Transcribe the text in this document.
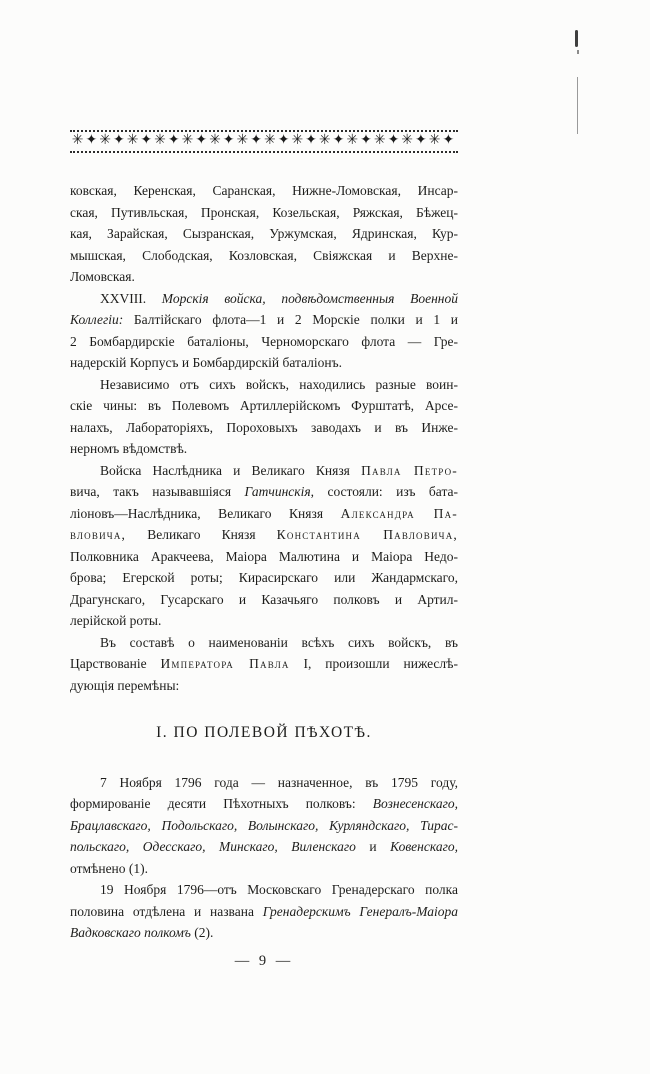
✳✦✳✦✳✦✳✦✳✦✳✦✳✦✳✦✳✦✳✦✳✦✳✦✳✦✳✦
ковская, Керенская, Саранская, Нижне-Ломовская, Инсар-
ская, Путивльская, Пронская, Козельская, Ряжская, Бѣжец-
кая, Зарайская, Сызранская, Уржумская, Ядринская, Кур-
мышская, Слободская, Козловская, Свіяжская и Верхне-
Ломовская.
XXVIII. Морскія войска, подвѣдомственныя Военной
Коллегіи: Балтійскаго флота—1 и 2 Морскіе полки и 1 и
2 Бомбардирскіе баталіоны, Черноморскаго флота — Гре-
надерскій Корпусъ и Бомбардирскій баталіонъ.
Независимо отъ сихъ войскъ, находились разные воин-
скіе чины: въ Полевомъ Артиллерійскомъ Фурштатѣ, Арсе-
налахъ, Лабораторіяхъ, Пороховыхъ заводахъ и въ Инже-
нерномъ вѣдомствѣ.
Войска Наслѣдника и Великаго Князя Павла Петро-
вича, такъ называвшіяся Гатчинскія, состояли: изъ бата-
ліоновъ—Наслѣдника, Великаго Князя Александра Па-
вловича, Великаго Князя Константина Павловича,
Полковника Аракчеева, Маіора Малютина и Маіора Недо-
брова; Егерской роты; Кирасирскаго или Жандармскаго,
Драгунскаго, Гусарскаго и Казачьяго полковъ и Артил-
лерійской роты.
Въ составѣ о наименованіи всѣхъ сихъ войскъ, въ
Царствованіе Императора Павла I, произошли нижеслѣ-
дующія перемѣны:
I. ПО ПОЛЕВОЙ ПѢХОТѢ.
7 Ноября 1796 года — назначенное, въ 1795 году,
формированіе десяти Пѣхотныхъ полковъ: Вознесенскаго,
Брацлавскаго, Подольскаго, Волынскаго, Курляндскаго, Тирас-
польскаго, Одесскаго, Минскаго, Виленскаго и Ковенскаго,
отмѣнено (1).
19 Ноября 1796—отъ Московскаго Гренадерскаго полка
половина отдѣлена и названа Гренадерскимъ Генералъ-Маіора
Вадковскаго полкомъ (2).
— 9 —
